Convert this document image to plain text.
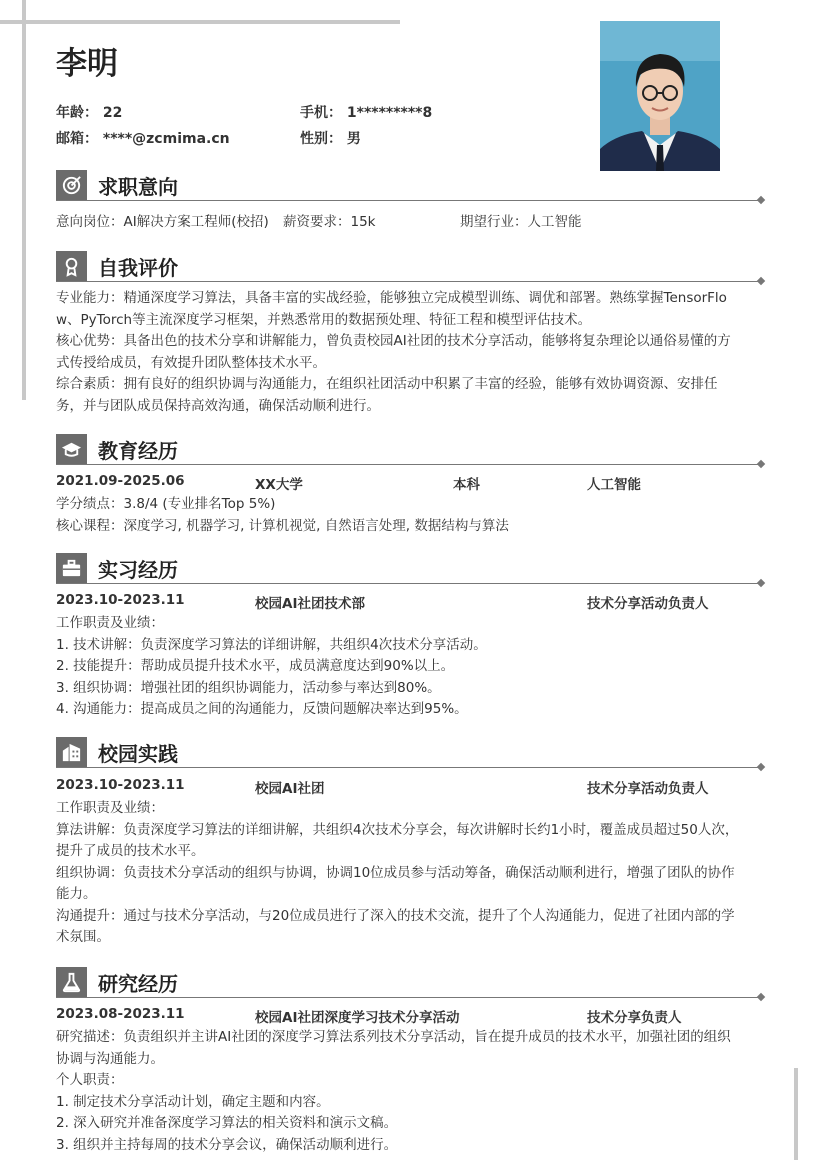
李明
年龄： 22	手机： 1*********8
邮箱： ****@zcmima.cn	性别： 男
求职意向
意向岗位：AI解决方案工程师(校招) 薪资要求：15k	期望行业：人工智能
自我评价
专业能力：精通深度学习算法，具备丰富的实战经验，能够独立完成模型训练、调优和部署。熟练掌握TensorFlo
w、PyTorch等主流深度学习框架，并熟悉常用的数据预处理、特征工程和模型评估技术。
核心优势：具备出色的技术分享和讲解能力，曾负责校园AI社团的技术分享活动，能够将复杂理论以通俗易懂的方
式传授给成员，有效提升团队整体技术水平。
综合素质：拥有良好的组织协调与沟通能力，在组织社团活动中积累了丰富的经验，能够有效协调资源、安排任
务，并与团队成员保持高效沟通，确保活动顺利进行。
教育经历
2021.09-2025.06	XX大学	本科	人工智能
学分绩点：3.8/4 (专业排名Top 5%)
核心课程：深度学习, 机器学习, 计算机视觉, 自然语言处理, 数据结构与算法
实习经历
2023.10-2023.11	校园AI社团技术部	技术分享活动负责人
工作职责及业绩：
1. 技术讲解：负责深度学习算法的详细讲解，共组织4次技术分享活动。
2. 技能提升：帮助成员提升技术水平，成员满意度达到90%以上。
3. 组织协调：增强社团的组织协调能力，活动参与率达到80%。
4. 沟通能力：提高成员之间的沟通能力，反馈问题解决率达到95%。
校园实践
2023.10-2023.11	校园AI社团	技术分享活动负责人
工作职责及业绩：
算法讲解：负责深度学习算法的详细讲解，共组织4次技术分享会，每次讲解时长约1小时，覆盖成员超过50人次，
提升了成员的技术水平。
组织协调：负责技术分享活动的组织与协调，协调10位成员参与活动筹备，确保活动顺利进行，增强了团队的协作
能力。
沟通提升：通过与技术分享活动，与20位成员进行了深入的技术交流，提升了个人沟通能力，促进了社团内部的学
术氛围。
研究经历
2023.08-2023.11	校园AI社团深度学习技术分享活动	技术分享负责人
研究描述：负责组织并主讲AI社团的深度学习算法系列技术分享活动，旨在提升成员的技术水平，加强社团的组织
协调与沟通能力。
个人职责：
1. 制定技术分享活动计划，确定主题和内容。
2. 深入研究并准备深度学习算法的相关资料和演示文稿。
3. 组织并主持每周的技术分享会议，确保活动顺利进行。
